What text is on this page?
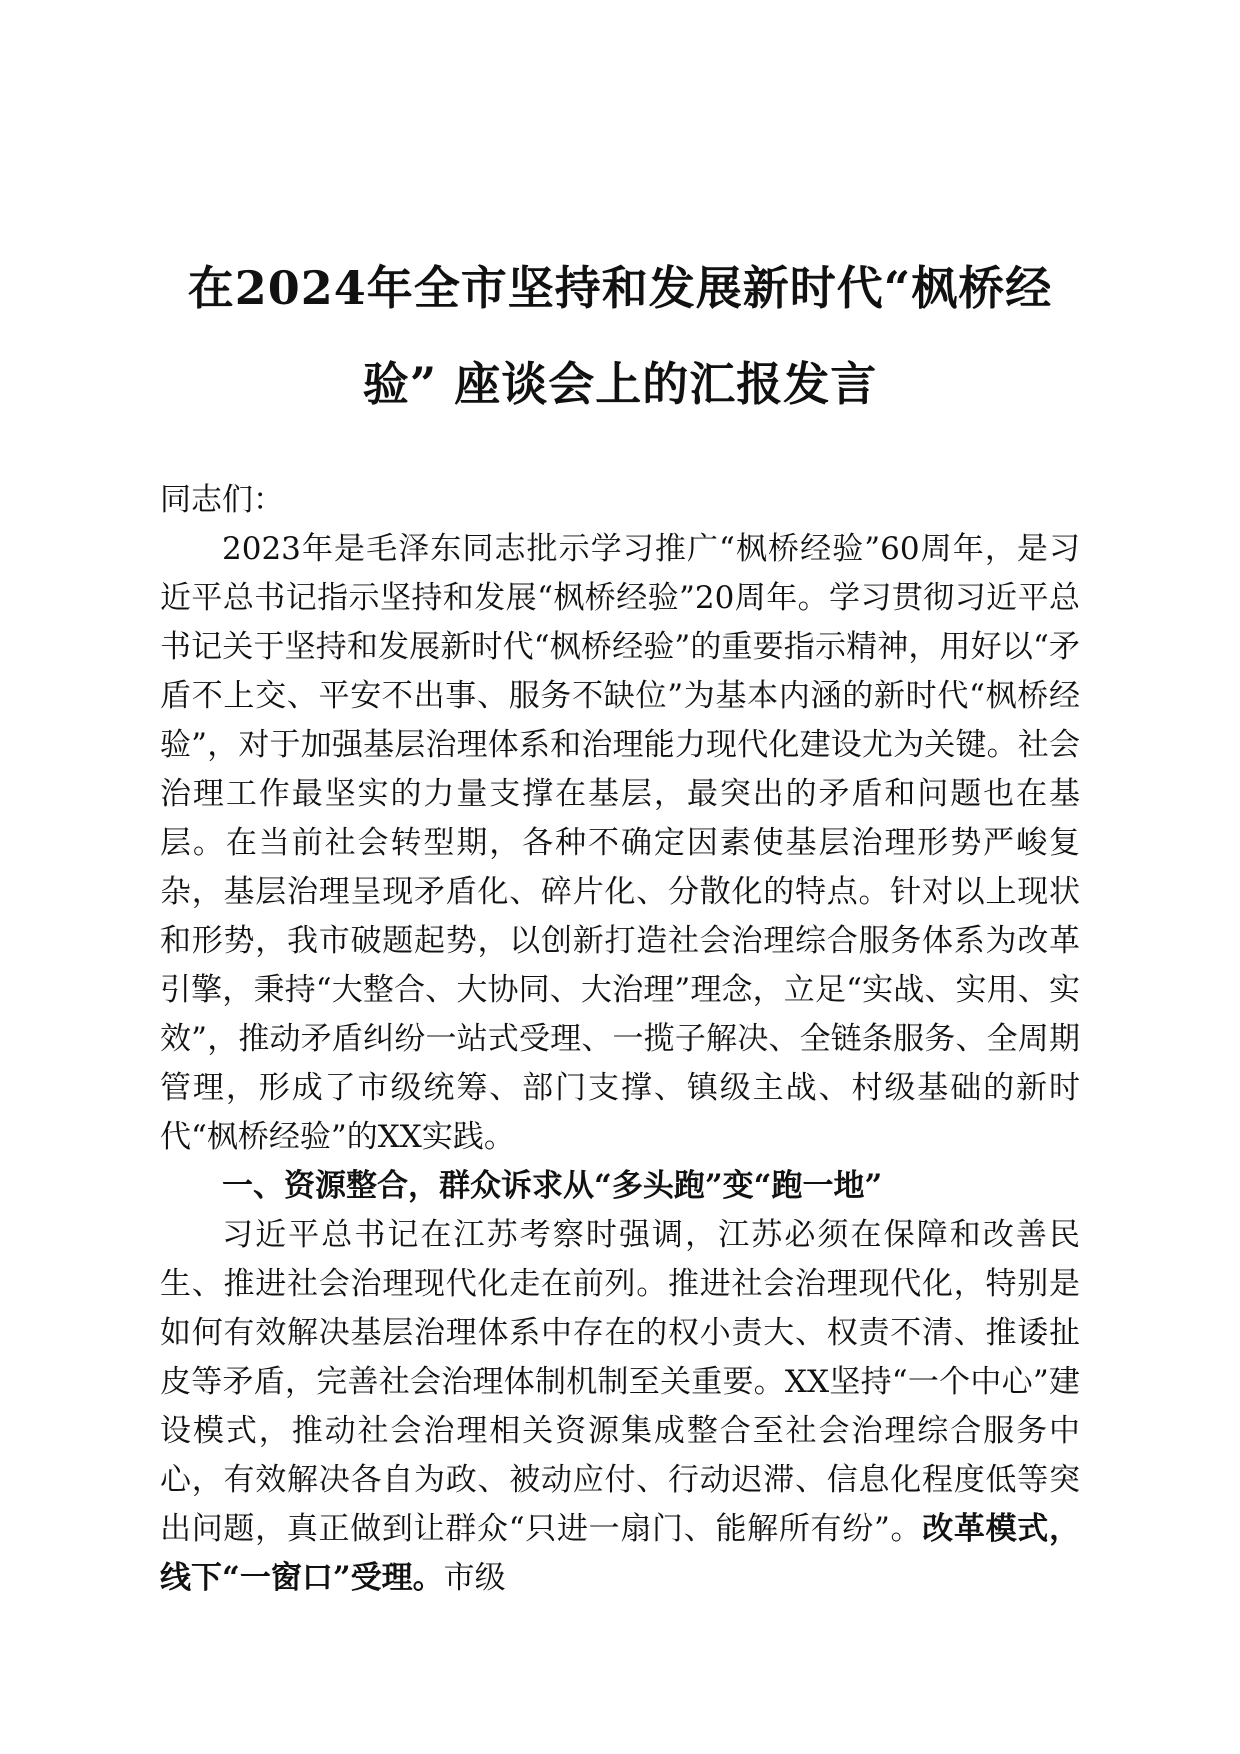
在2024年全市坚持和发展新时代“枫桥经
验” 座谈会上的汇报发言

同志们：

2023年是毛泽东同志批示学习推广“枫桥经验”60周年，是习近平总书记指示坚持和发展“枫桥经验”20周年。学习贯彻习近平总书记关于坚持和发展新时代“枫桥经验”的重要指示精神，用好以“矛盾不上交、平安不出事、服务不缺位”为基本内涵的新时代“枫桥经验”，对于加强基层治理体系和治理能力现代化建设尤为关键。社会治理工作最坚实的力量支撑在基层，最突出的矛盾和问题也在基层。在当前社会转型期，各种不确定因素使基层治理形势严峻复杂，基层治理呈现矛盾化、碎片化、分散化的特点。针对以上现状和形势，我市破题起势，以创新打造社会治理综合服务体系为改革引擎，秉持“大整合、大协同、大治理”理念，立足“实战、实用、实效”，推动矛盾纠纷一站式受理、一揽子解决、全链条服务、全周期管理，形成了市级统筹、部门支撑、镇级主战、村级基础的新时代“枫桥经验”的XX实践。

一、资源整合，群众诉求从“多头跑”变“跑一地”

习近平总书记在江苏考察时强调，江苏必须在保障和改善民生、推进社会治理现代化走在前列。推进社会治理现代化，特别是如何有效解决基层治理体系中存在的权小责大、权责不清、推诿扯皮等矛盾，完善社会治理体制机制至关重要。XX坚持“一个中心”建设模式，推动社会治理相关资源集成整合至社会治理综合服务中心，有效解决各自为政、被动应付、行动迟滞、信息化程度低等突出问题，真正做到让群众“只进一扇门、能解所有纷”。改革模式，线下“一窗口”受理。市级
